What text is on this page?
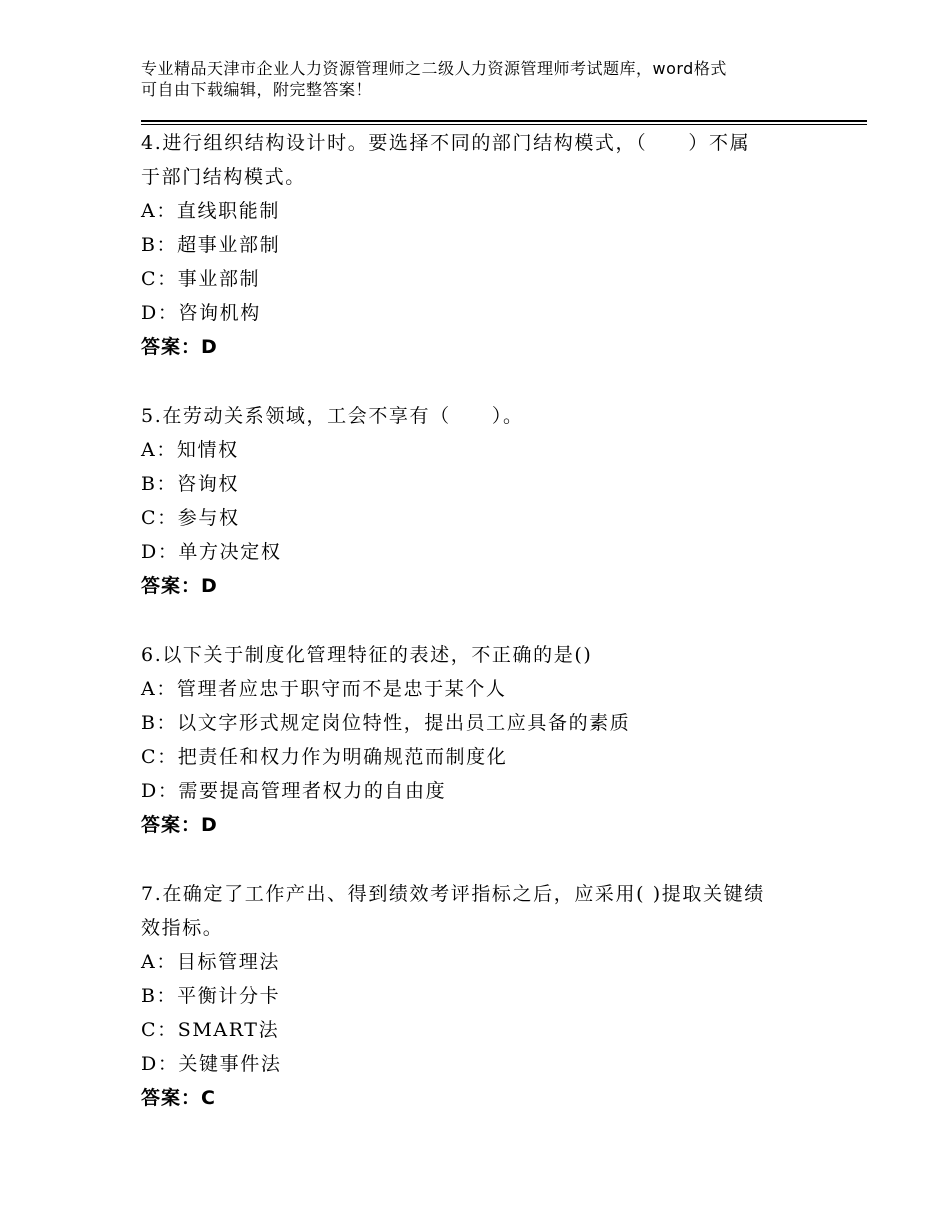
专业精品天津市企业人力资源管理师之二级人力资源管理师考试题库，word格式
可自由下载编辑，附完整答案！
4.进行组织结构设计时。要选择不同的部门结构模式，（　　）不属
于部门结构模式。
A：直线职能制
B：超事业部制
C：事业部制
D：咨询机构
答案：D
5.在劳动关系领域，工会不享有（　　）。
A：知情权
B：咨询权
C：参与权
D：单方决定权
答案：D
6.以下关于制度化管理特征的表述，不正确的是()
A：管理者应忠于职守而不是忠于某个人
B：以文字形式规定岗位特性，提出员工应具备的素质
C：把责任和权力作为明确规范而制度化
D：需要提高管理者权力的自由度
答案：D
7.在确定了工作产出、得到绩效考评指标之后，应采用( )提取关键绩
效指标。
A：目标管理法
B：平衡计分卡
C：SMART法
D：关键事件法
答案：C
